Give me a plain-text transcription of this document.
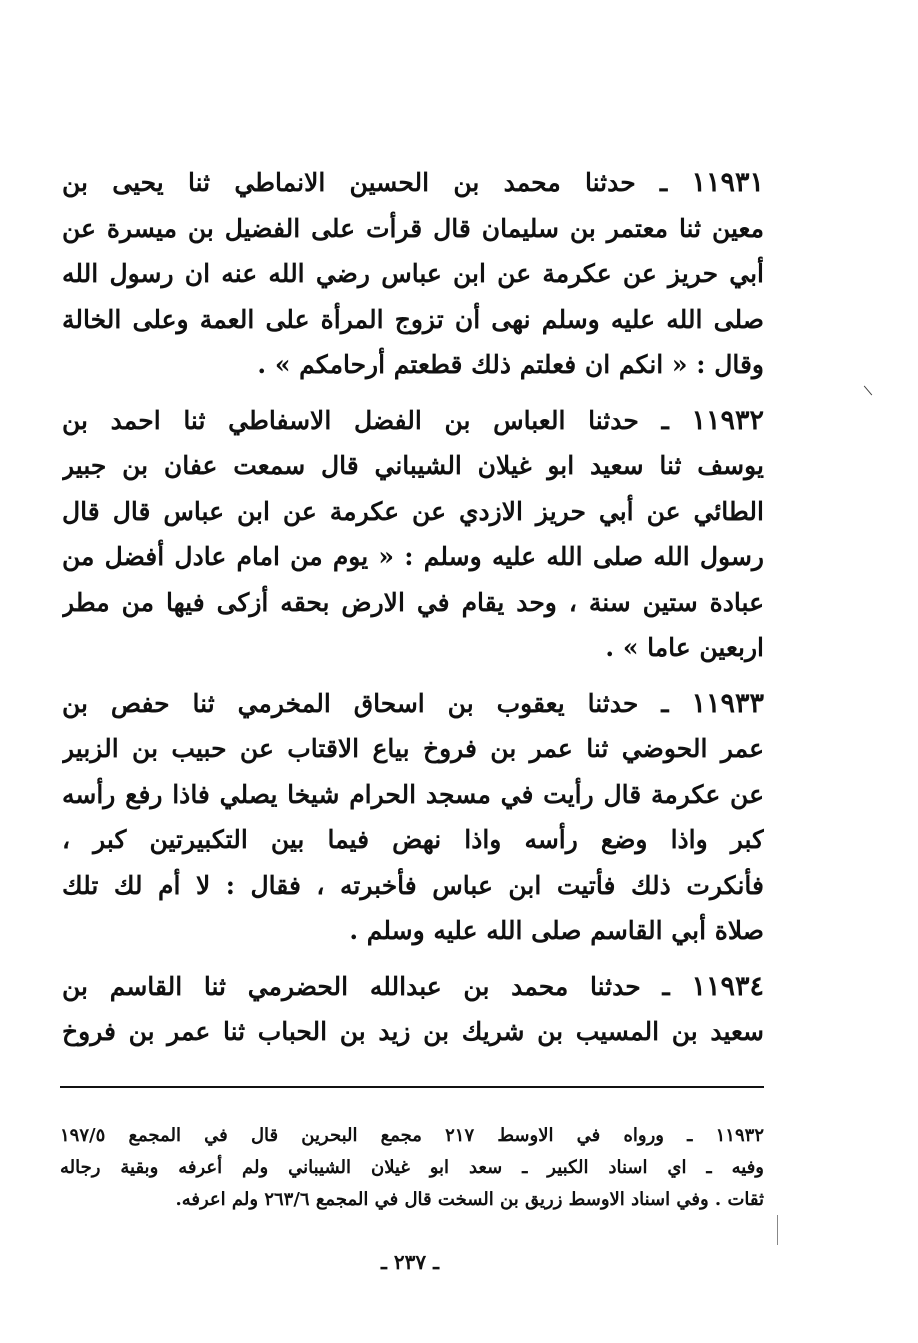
١١٩٣١ ـ حدثنا محمد بن الحسين الانماطي ثنا يحيى بن
معين ثنا معتمر بن سليمان قال قرأت على الفضيل بن ميسرة عن
أبي حريز عن عكرمة عن ابن عباس رضي الله عنه ان رسول الله
صلى الله عليه وسلم نهى أن تزوج المرأة على العمة وعلى الخالة
وقال : « انكم ان فعلتم ذلك قطعتم أرحامكم » .
١١٩٣٢ ـ حدثنا العباس بن الفضل الاسفاطي ثنا احمد بن
يوسف ثنا سعيد ابو غيلان الشيباني قال سمعت عفان بن جبير
الطائي عن أبي حريز الازدي عن عكرمة عن ابن عباس قال قال
رسول الله صلى الله عليه وسلم : « يوم من امام عادل أفضل من
عبادة ستين سنة ، وحد يقام في الارض بحقه أزكى فيها من مطر
اربعين عاما » .
١١٩٣٣ ـ حدثنا يعقوب بن اسحاق المخرمي ثنا حفص بن
عمر الحوضي ثنا عمر بن فروخ بياع الاقتاب عن حبيب بن الزبير
عن عكرمة قال رأيت في مسجد الحرام شيخا يصلي فاذا رفع رأسه
كبر واذا وضع رأسه واذا نهض فيما بين التكبيرتين كبر ،
فأنكرت ذلك فأتيت ابن عباس فأخبرته ، فقال : لا أم لك تلك
صلاة أبي القاسم صلى الله عليه وسلم .
١١٩٣٤ ـ حدثنا محمد بن عبدالله الحضرمي ثنا القاسم بن
سعيد بن المسيب بن شريك بن زيد بن الحباب ثنا عمر بن فروخ
١١٩٣٢ ـ ورواه في الاوسط ٢١٧ مجمع البحرين قال في المجمع ١٩٧/٥
وفيه ـ اي اسناد الكبير ـ سعد ابو غيلان الشيباني ولم أعرفه وبقية رجاله
ثقات . وفي اسناد الاوسط زريق بن السخت قال في المجمع ٢٦٣/٦ ولم اعرفه.
ـ ٢٣٧ ـ
